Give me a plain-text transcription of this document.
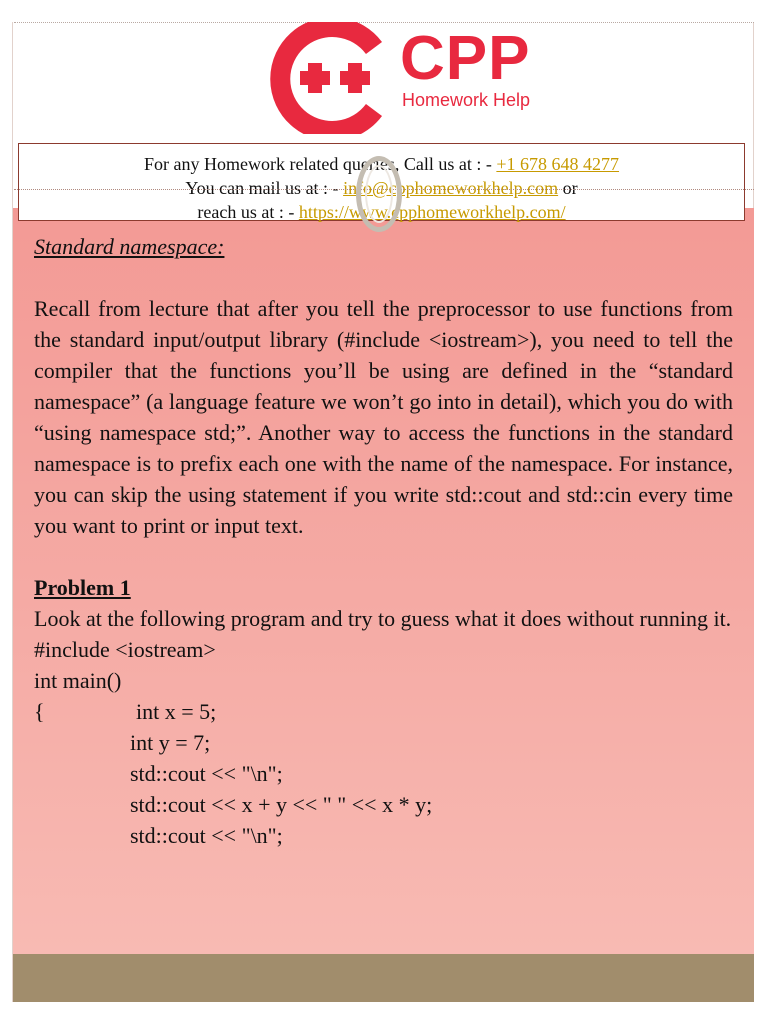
CPP
Homework Help
For any Homework related queries, Call us at : - +1 678 648 4277
You can mail us at : - info@cpphomeworkhelp.com or
reach us at : - https://www.cpphomeworkhelp.com/

Standard namespace:

Recall from lecture that after you tell the preprocessor to use functions from the standard input/output library (#include <iostream>), you need to tell the compiler that the functions you’ll be using are defined in the “standard namespace” (a language feature we won’t go into in detail), which you do with “using namespace std;”. Another way to access the functions in the standard namespace is to prefix each one with the name of the namespace. For instance, you can skip the using statement if you write std::cout and std::cin every time you want to print or input text.

Problem 1

Look at the following program and try to guess what it does without running it.

#include <iostream>

int main()

{

	int x = 5;

int y = 7;
std::cout << "\n";
std::cout << x + y << " " << x * y;
std::cout << "\n";
